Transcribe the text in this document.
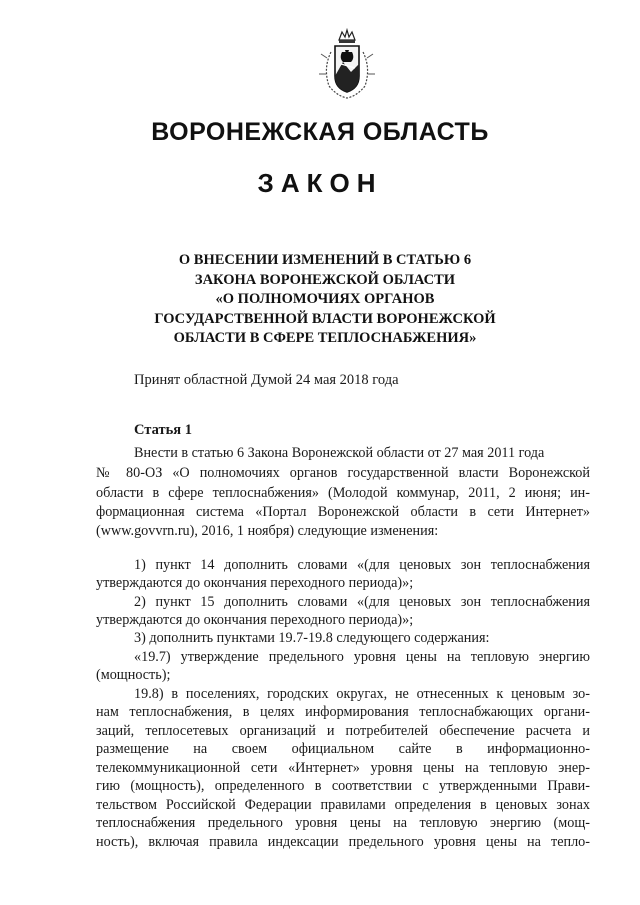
ВОРОНЕЖСКАЯ ОБЛАСТЬ
ЗАКОН
О ВНЕСЕНИИ ИЗМЕНЕНИЙ В СТАТЬЮ 6
ЗАКОНА ВОРОНЕЖСКОЙ ОБЛАСТИ
«О ПОЛНОМОЧИЯХ ОРГАНОВ
ГОСУДАРСТВЕННОЙ ВЛАСТИ ВОРОНЕЖСКОЙ
ОБЛАСТИ В СФЕРЕ ТЕПЛОСНАБЖЕНИЯ»
Принят областной Думой 24 мая 2018 года
Статья 1
Внести в статью 6 Закона Воронежской области от 27 мая 2011 года
№ 80-ОЗ «О полномочиях органов государственной власти Воронежской
области в сфере теплоснабжения» (Молодой коммунар, 2011, 2 июня; ин-
формационная система «Портал Воронежской области в сети Интернет»
(www.govvrn.ru), 2016, 1 ноября) следующие изменения:
1) пункт 14 дополнить словами «(для ценовых зон теплоснабжения
утверждаются до окончания переходного периода)»;
2) пункт 15 дополнить словами «(для ценовых зон теплоснабжения
утверждаются до окончания переходного периода)»;
3) дополнить пунктами 19.7-19.8 следующего содержания:
«19.7) утверждение предельного уровня цены на тепловую энергию
(мощность);
19.8) в поселениях, городских округах, не отнесенных к ценовым зо-
нам теплоснабжения, в целях информирования теплоснабжающих органи-
заций, теплосетевых организаций и потребителей обеспечение расчета и
размещение на своем официальном сайте в информационно-
телекоммуникационной сети «Интернет» уровня цены на тепловую энер-
гию (мощность), определенного в соответствии с утвержденными Прави-
тельством Российской Федерации правилами определения в ценовых зонах
теплоснабжения предельного уровня цены на тепловую энергию (мощ-
ность), включая правила индексации предельного уровня цены на тепло-
